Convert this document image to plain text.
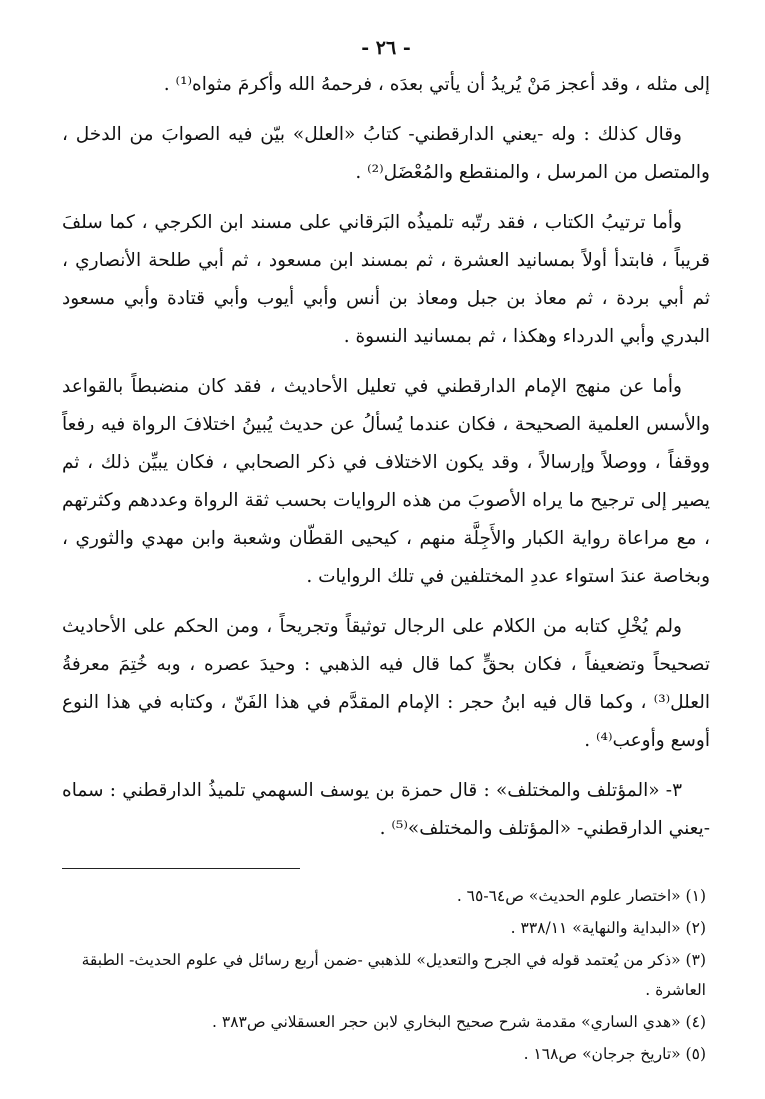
- ٢٦ -

إلى مثله ، وقد أعجز مَنْ يُريدُ أن يأتي بعدَه ، فرحمهُ الله وأكرمَ مثواه⁽¹⁾ .

وقال كذلك : وله -يعني الدارقطني- كتابُ «العلل» بيّن فيه الصوابَ من الدخل ، والمتصل من المرسل ، والمنقطع والمُعْضَل⁽²⁾ .

وأما ترتيبُ الكتاب ، فقد رتّبه تلميذُه البَرقاني على مسند ابن الكرجي ، كما سلفَ قريباً ، فابتدأ أولاً بمسانيد العشرة ، ثم بمسند ابن مسعود ، ثم أبي طلحة الأنصاري ، ثم أبي بردة ، ثم معاذ بن جبل ومعاذ بن أنس وأبي أيوب وأبي قتادة وأبي مسعود البدري وأبي الدرداء وهكذا ، ثم بمسانيد النسوة .

وأما عن منهج الإمام الدارقطني في تعليل الأحاديث ، فقد كان منضبطاً بالقواعد والأسس العلمية الصحيحة ، فكان عندما يُسألُ عن حديث يُبينُ اختلافَ الرواة فيه رفعاً ووقفاً ، ووصلاً وإرسالاً ، وقد يكون الاختلاف في ذكر الصحابي ، فكان يبيِّن ذلك ، ثم يصير إلى ترجيح ما يراه الأصوبَ من هذه الروايات بحسب ثقة الرواة وعددهم وكثرتهم ، مع مراعاة رواية الكبار والأَجِلَّة منهم ، كيحيى القطّان وشعبة وابن مهدي والثوري ، وبخاصة عندَ استواء عددِ المختلفين في تلك الروايات .

ولم يُخْلِ كتابه من الكلام على الرجال توثيقاً وتجريحاً ، ومن الحكم على الأحاديث تصحيحاً وتضعيفاً ، فكان بحقٍّ كما قال فيه الذهبي : وحيدَ عصره ، وبه خُتِمَ معرفةُ العلل⁽³⁾ ، وكما قال فيه ابنُ حجر : الإمام المقدَّم في هذا الفَنّ ، وكتابه في هذا النوع أوسع وأوعب⁽⁴⁾ .

٣- «المؤتلف والمختلف» : قال حمزة بن يوسف السهمي تلميذُ الدارقطني : سماه -يعني الدارقطني- «المؤتلف والمختلف»⁽⁵⁾ .

(١) «اختصار علوم الحديث» ص٦٤-٦٥ .
(٢) «البداية والنهاية» ٣٣٨/١١ .
(٣) «ذكر من يُعتمد قوله في الجرح والتعديل» للذهبي -ضمن أربع رسائل في علوم الحديث- الطبقة العاشرة .
(٤) «هدي الساري» مقدمة شرح صحيح البخاري لابن حجر العسقلاني ص٣٨٣ .
(٥) «تاريخ جرجان» ص١٦٨ .
